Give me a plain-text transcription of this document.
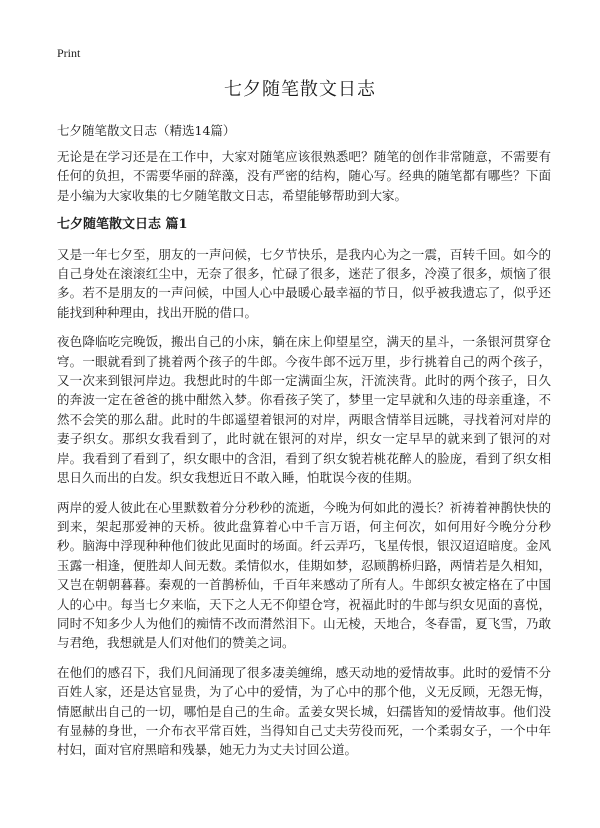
Print
七夕随笔散文日志

七夕随笔散文日志（精选14篇）

无论是在学习还是在工作中，大家对随笔应该很熟悉吧？随笔的创作非常随意，不需要有任何的负担，不需要华丽的辞藻，没有严密的结构，随心写。经典的随笔都有哪些？下面是小编为大家收集的七夕随笔散文日志，希望能够帮助到大家。

七夕随笔散文日志 篇1

又是一年七夕至，朋友的一声问候，七夕节快乐，是我内心为之一震，百转千回。如今的自己身处在滚滚红尘中，无奈了很多，忙碌了很多，迷茫了很多，冷漠了很多，烦恼了很多。若不是朋友的一声问候，中国人心中最暖心最幸福的节日，似乎被我遗忘了，似乎还能找到种种理由，找出开脱的借口。

夜色降临吃完晚饭，搬出自己的小床，躺在床上仰望星空，满天的星斗，一条银河贯穿仓穹。一眼就看到了挑着两个孩子的牛郎。今夜牛郎不远万里，步行挑着自己的两个孩子，又一次来到银河岸边。我想此时的牛郎一定满面尘灰，汗流浃背。此时的两个孩子，日久的奔波一定在爸爸的挑中酣然入梦。你看孩子笑了，梦里一定早就和久违的母亲重逢，不然不会笑的那么甜。此时的牛郎遥望着银河的对岸，两眼含情举目远眺，寻找着河对岸的妻子织女。那织女我看到了，此时就在银河的对岸，织女一定早早的就来到了银河的对岸。我看到了看到了，织女眼中的含泪，看到了织女貌若桃花醉人的脸庞，看到了织女相思日久而出的白发。织女我想近日不敢入睡，怕耽误今夜的佳期。

两岸的爱人彼此在心里默数着分分秒秒的流逝，今晚为何如此的漫长？祈祷着神鹊快快的到来，架起那爱神的天桥。彼此盘算着心中千言万语，何主何次，如何用好今晚分分秒秒。脑海中浮现种种他们彼此见面时的场面。纤云弄巧，飞星传恨，银汉迢迢暗度。金风玉露一相逢，便胜却人间无数。柔情似水，佳期如梦，忍顾鹊桥归路，两情若是久相知，又岂在朝朝暮暮。秦观的一首鹊桥仙，千百年来感动了所有人。牛郎织女被定格在了中国人的心中。每当七夕来临，天下之人无不仰望仓穹，祝福此时的牛郎与织女见面的喜悦，同时不知多少人为他们的痴情不改而潸然泪下。山无棱，天地合，冬春雷，夏飞雪，乃敢与君绝，我想就是人们对他们的赞美之词。

在他们的感召下，我们凡间涌现了很多凄美缠绵，感天动地的爱情故事。此时的爱情不分百姓人家，还是达官显贵，为了心中的爱情，为了心中的那个他，义无反顾，无怨无悔，情愿献出自己的一切，哪怕是自己的生命。孟姜女哭长城，妇孺皆知的爱情故事。他们没有显赫的身世，一介布衣平常百姓，当得知自己丈夫劳役而死，一个柔弱女子，一个中年村妇，面对官府黑暗和残暴，她无力为丈夫讨回公道。
